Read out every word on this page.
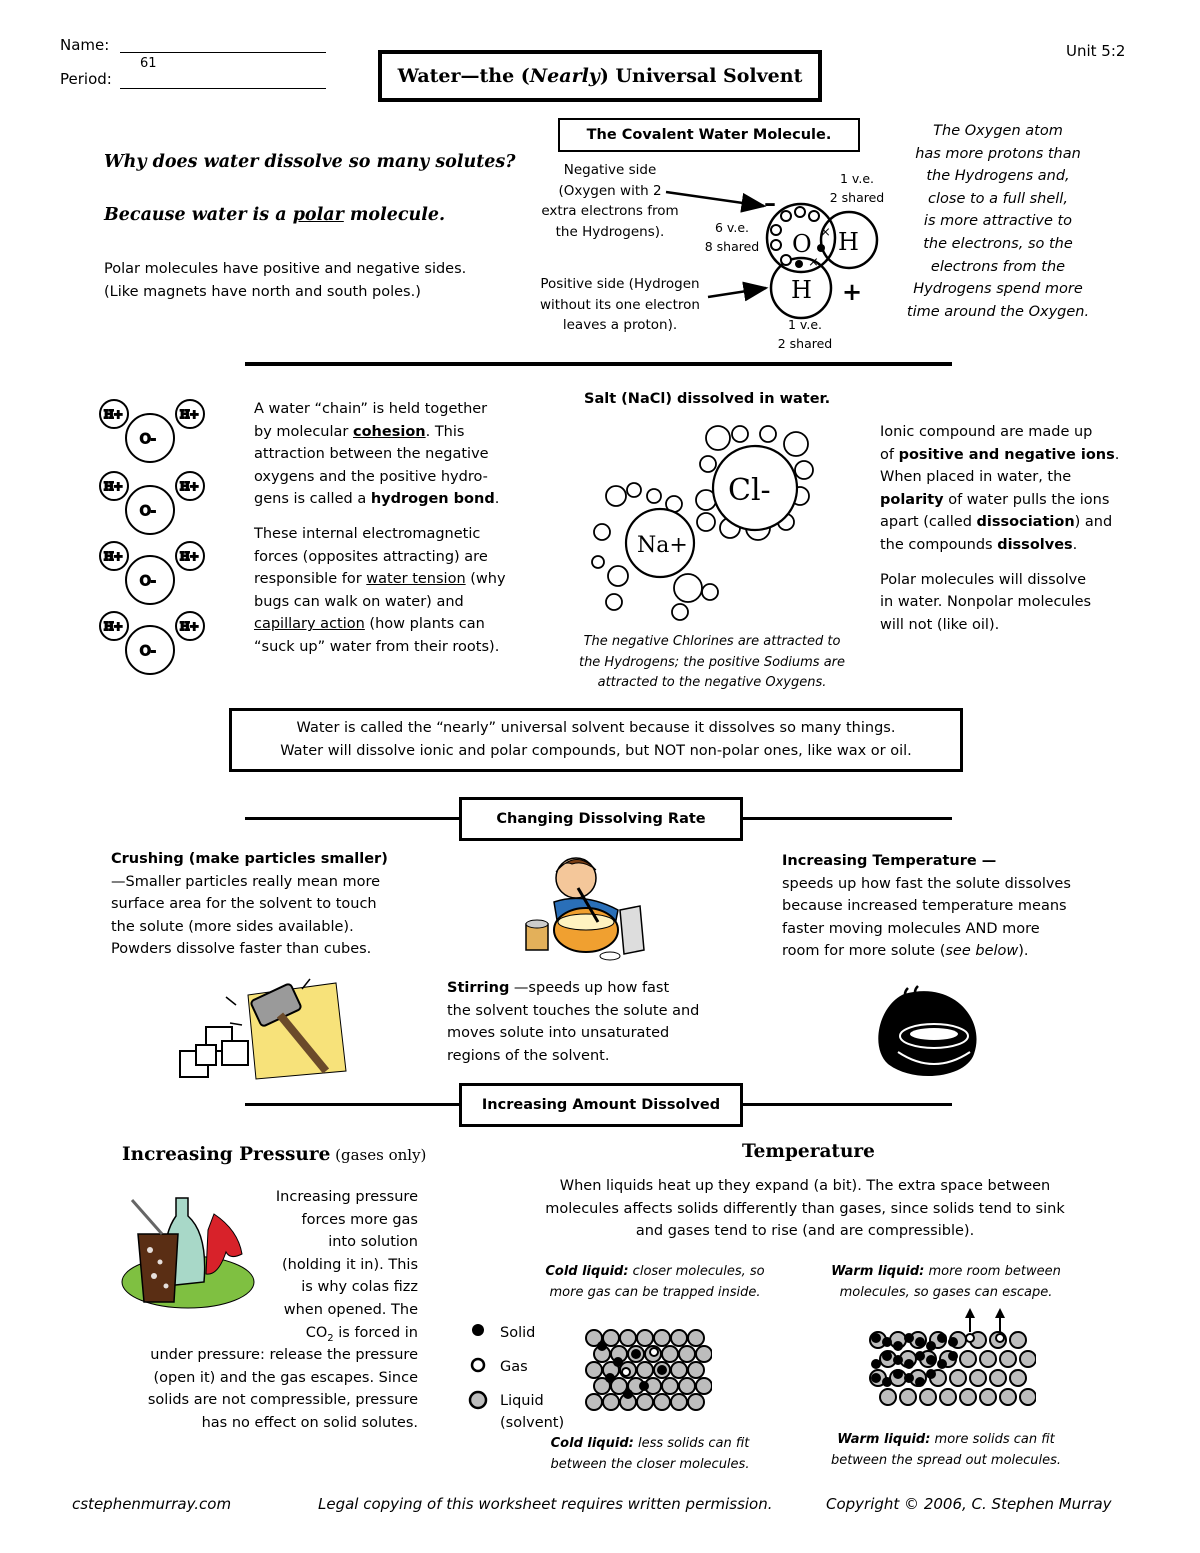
Name:
61
Period:	Water—the (Nearly) Universal Solvent
Unit 5:2
Why does water dissolve so many solutes?
Because water is a polar molecule.
Polar molecules have positive and negative sides.
(Like magnets have north and south poles.)
The Covalent Water Molecule.
Negative side
(Oxygen with 2
extra electrons from
the Hydrogens).
Positive side (Hydrogen
without its one electron
leaves a proton).
1 v.e.
2 shared
6 v.e.
8 shared
1 v.e.
2 shared
–
O H
H
×
×
+
The Oxygen atom
has more protons than
the Hydrogens and,
close to a full shell,
is more attractive to
the electrons, so the
electrons from the
Hydrogens spend more
time around the Oxygen.
O-
H+	H+
O-
H+	H+
O-
H+	H+
O-
H+	H+
A water “chain” is held together
by molecular cohesion. This
attraction between the negative
oxygens and the positive hydro-
gens is called a hydrogen bond.
These internal electromagnetic
forces (opposites attracting) are
responsible for water tension (why
bugs can walk on water) and
capillary action (how plants can
“suck up” water from their roots).
Salt (NaCl) dissolved in water.
Cl-
Na+
The negative Chlorines are attracted to
the Hydrogens; the positive Sodiums are
attracted to the negative Oxygens.
Ionic compound are made up
of positive and negative ions.
When placed in water, the
polarity of water pulls the ions
apart (called dissociation) and
the compounds dissolves.
Polar molecules will dissolve
in water. Nonpolar molecules
will not (like oil).
Water is called the “nearly” universal solvent because it dissolves so many things.
Water will dissolve ionic and polar compounds, but NOT non-polar ones, like wax or oil.
Changing Dissolving Rate
Crushing (make particles smaller)
—Smaller particles really mean more
surface area for the solvent to touch
the solute (more sides available).
Powders dissolve faster than cubes.
Stirring —speeds up how fast
the solvent touches the solute and
moves solute into unsaturated
regions of the solvent.
Increasing Temperature —
speeds up how fast the solute dissolves
because increased temperature means
faster moving molecules AND more
room for more solute (see below).
Increasing Amount Dissolved
Increasing Pressure (gases only)
Increasing pressure
forces more gas
into solution
(holding it in). This
is why colas fizz
when opened. The
$CO_2$ is forced in
under pressure: release the pressure
(open it) and the gas escapes. Since
solids are not compressible, pressure
has no effect on solid solutes.
Temperature
When liquids heat up they expand (a bit). The extra space between
molecules affects solids differently than gases, since solids tend to sink
and gases tend to rise (and are compressible).
Cold liquid: closer molecules, so
more gas can be trapped inside.
Warm liquid: more room between
molecules, so gases can escape.
Solid
Gas
Liquid
(solvent)
Cold liquid: less solids can fit
between the closer molecules.
Warm liquid: more solids can fit
between the spread out molecules.
cstephenmurray.com	Legal copying of this worksheet requires written permission.	Copyright © 2006, C. Stephen Murray
